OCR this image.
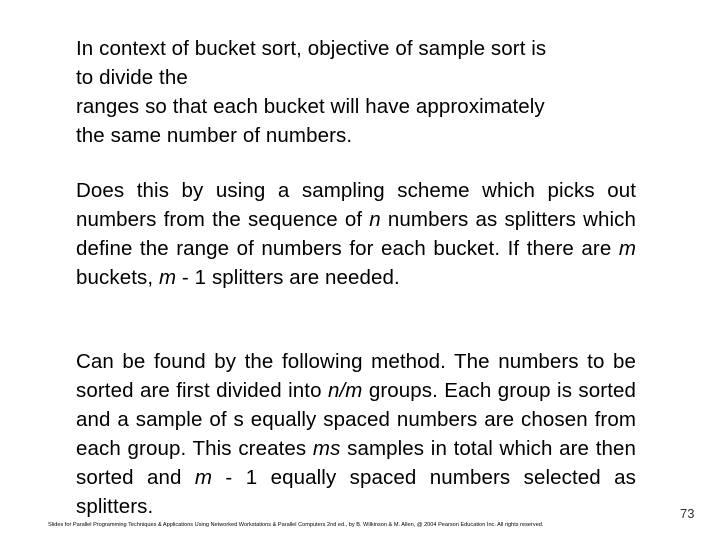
In context of bucket sort, objective of sample sort is
to divide the
ranges so that each bucket will have approximately
the same number of numbers.

Does this by using a sampling scheme which picks out numbers from the sequence of n numbers as splitters which define the range of numbers for each bucket. If there are m buckets, m - 1 splitters are needed.

Can be found by the following method. The numbers to be sorted are first divided into n/m groups. Each group is sorted and a sample of s equally spaced numbers are chosen from each group. This creates ms samples in total which are then sorted and m - 1 equally spaced numbers selected as splitters.

Slides for Parallel Programming Techniques & Applications Using Networked Workstations & Parallel Computers 2nd ed., by B. Wilkinson & M. Allen, @ 2004 Pearson Education Inc. All rights reserved.
73
